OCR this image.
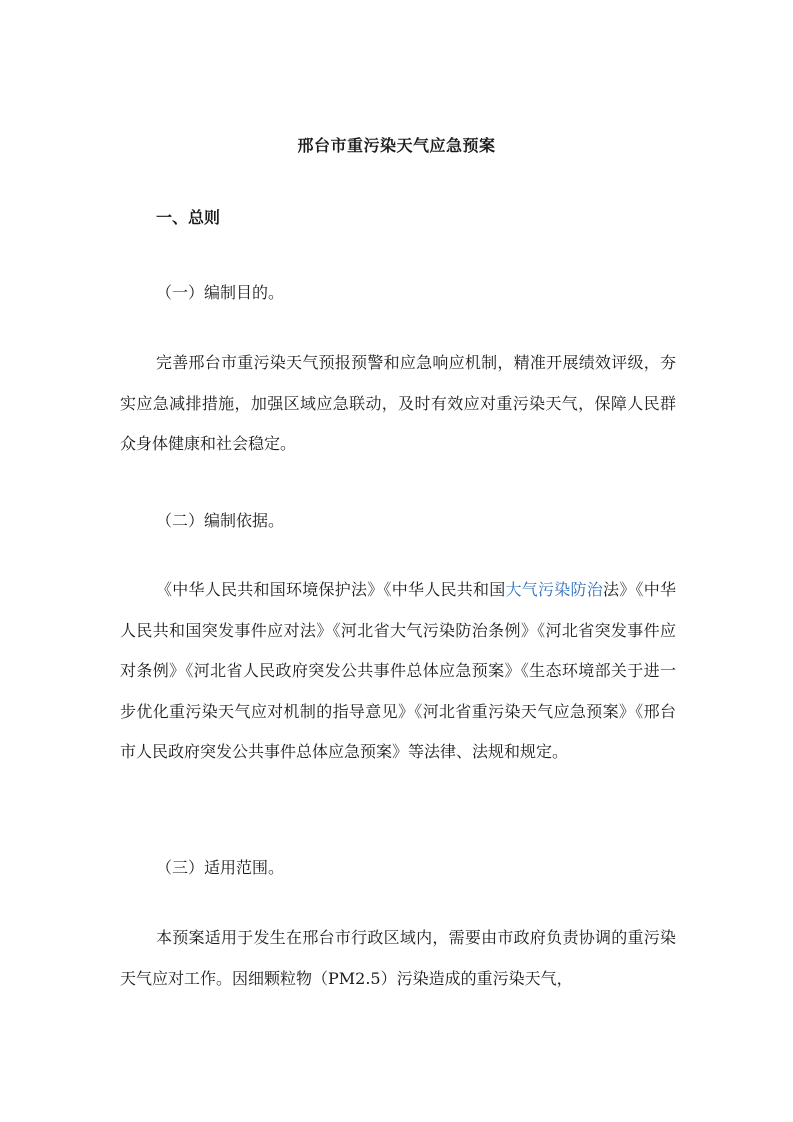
邢台市重污染天气应急预案
一、总则

（一）编制目的。

完善邢台市重污染天气预报预警和应急响应机制，精准开展绩效评级，夯实应急减排措施，加强区域应急联动，及时有效应对重污染天气，保障人民群众身体健康和社会稳定。

（二）编制依据。

《中华人民共和国环境保护法》《中华人民共和国大气污染防治法》《中华人民共和国突发事件应对法》《河北省大气污染防治条例》《河北省突发事件应对条例》《河北省人民政府突发公共事件总体应急预案》《生态环境部关于进一步优化重污染天气应对机制的指导意见》《河北省重污染天气应急预案》《邢台市人民政府突发公共事件总体应急预案》等法律、法规和规定。

（三）适用范围。

本预案适用于发生在邢台市行政区域内，需要由市政府负责协调的重污染天气应对工作。因细颗粒物（PM2.5）污染造成的重污染天气，
